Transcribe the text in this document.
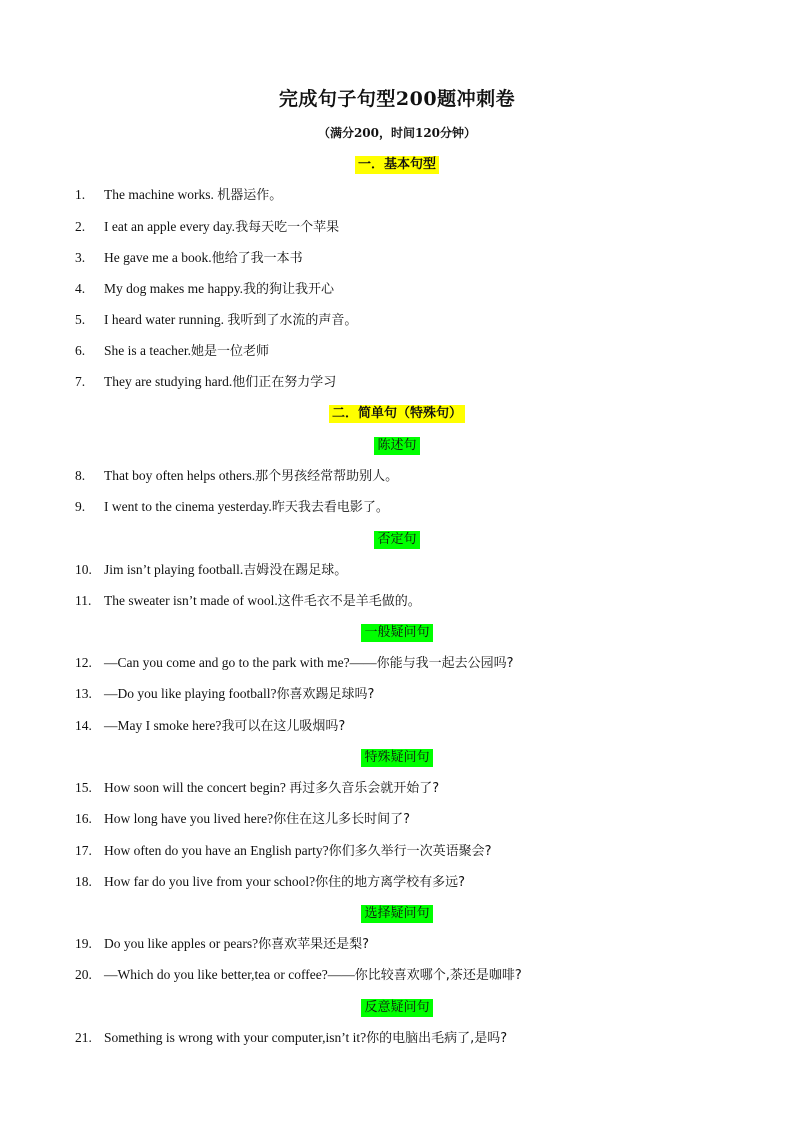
完成句子句型200题冲刺卷
（满分200，时间120分钟）
一．基本句型
1.	The machine works. 机器运作。
2.	I eat an apple every day.我每天吃一个苹果
3.	He gave me a book.他给了我一本书
4.	My dog makes me happy.我的狗让我开心
5.	I heard water running. 我听到了水流的声音。
6.	She is a teacher.她是一位老师
7.	They are studying hard.他们正在努力学习
二．简单句（特殊句）
陈述句
8.	That boy often helps others.那个男孩经常帮助别人。
9.	I went to the cinema yesterday.昨天我去看电影了。
否定句
10. Jim isn’t playing football.吉姆没在踢足球。
11. The sweater isn’t made of wool.这件毛衣不是羊毛做的。
一般疑问句
12. —Can you come and go to the park with me?——你能与我一起去公园吗?
13. —Do you like playing football?你喜欢踢足球吗?
14. —May I smoke here?我可以在这儿吸烟吗?
特殊疑问句
15. How soon will the concert begin? 再过多久音乐会就开始了?
16. How long have you lived here?你住在这儿多长时间了?
17. How often do you have an English party?你们多久举行一次英语聚会?
18. How far do you live from your school?你住的地方离学校有多远?
选择疑问句
19. Do you like apples or pears?你喜欢苹果还是梨?
20. —Which do you like better,tea or coffee?——你比较喜欢哪个,茶还是咖啡?
反意疑问句
21. Something is wrong with your computer,isn’t it?你的电脑出毛病了,是吗?
